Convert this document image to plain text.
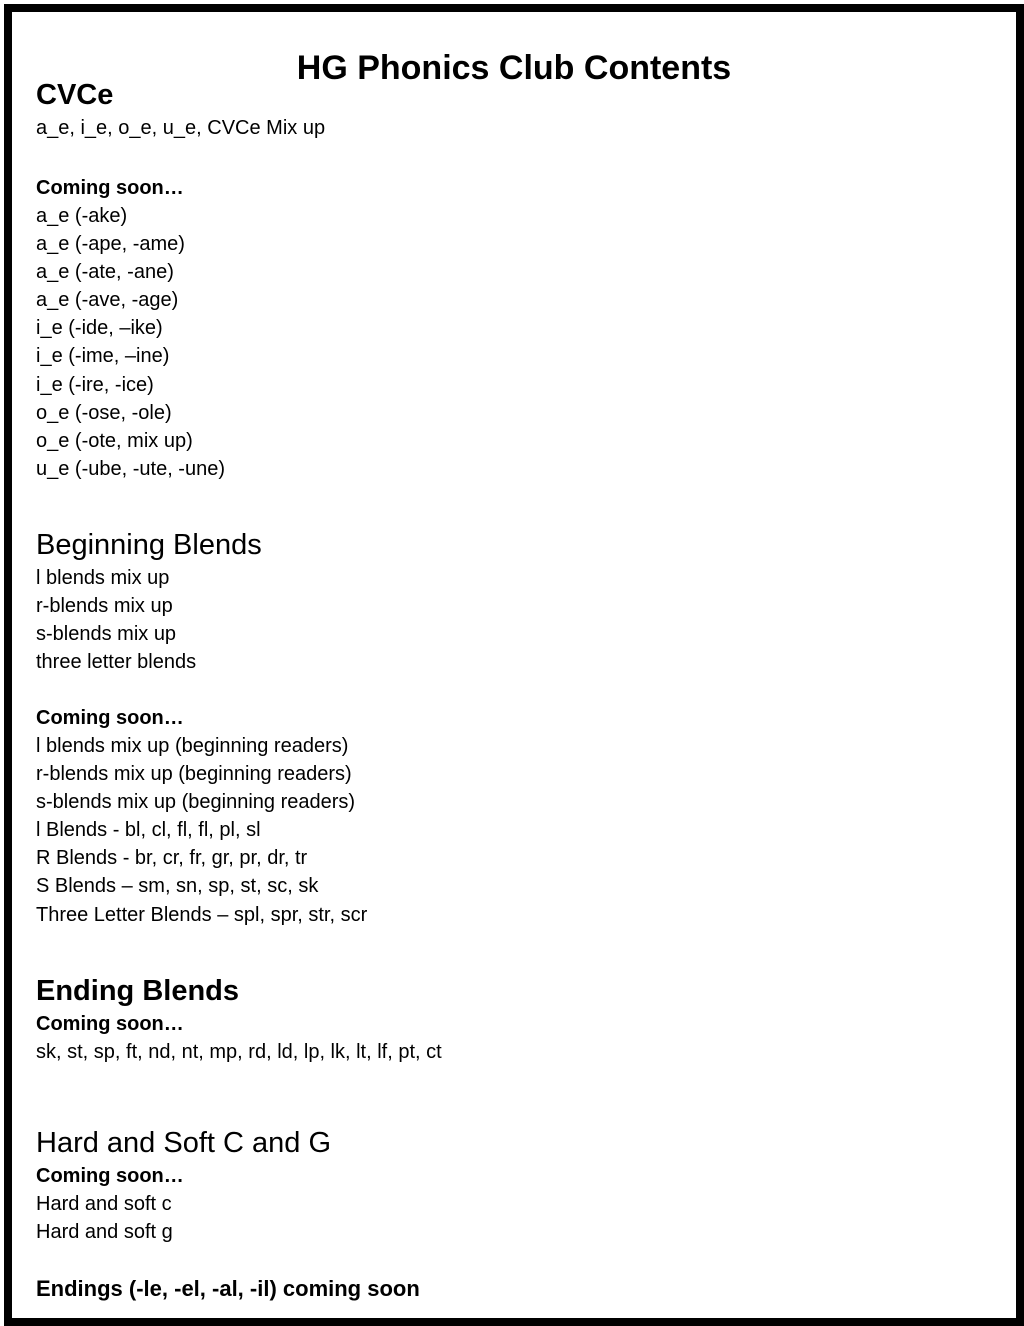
HG Phonics Club Contents
CVCe
a_e, i_e, o_e, u_e, CVCe Mix up
Coming soon…
a_e (-ake)
a_e (-ape, -ame)
a_e (-ate, -ane)
a_e (-ave, -age)
i_e (-ide, –ike)
i_e (-ime, –ine)
i_e (-ire, -ice)
o_e (-ose, -ole)
o_e (-ote, mix up)
u_e (-ube, -ute, -une)
Beginning Blends
l blends mix up
r-blends mix up
s-blends mix up
three letter blends
Coming soon…
l blends mix up (beginning readers)
r-blends mix up (beginning readers)
s-blends mix up (beginning readers)
l Blends - bl, cl, fl, fl, pl, sl
R Blends - br, cr, fr, gr, pr, dr, tr
S Blends – sm, sn, sp, st, sc, sk
Three Letter Blends – spl, spr, str, scr
Ending Blends
Coming soon…
sk, st, sp, ft, nd, nt, mp, rd, ld, lp, lk, lt, lf, pt, ct
Hard and Soft C and G
Coming soon…
Hard and soft c
Hard and soft g
Endings (-le, -el, -al, -il) coming soon
